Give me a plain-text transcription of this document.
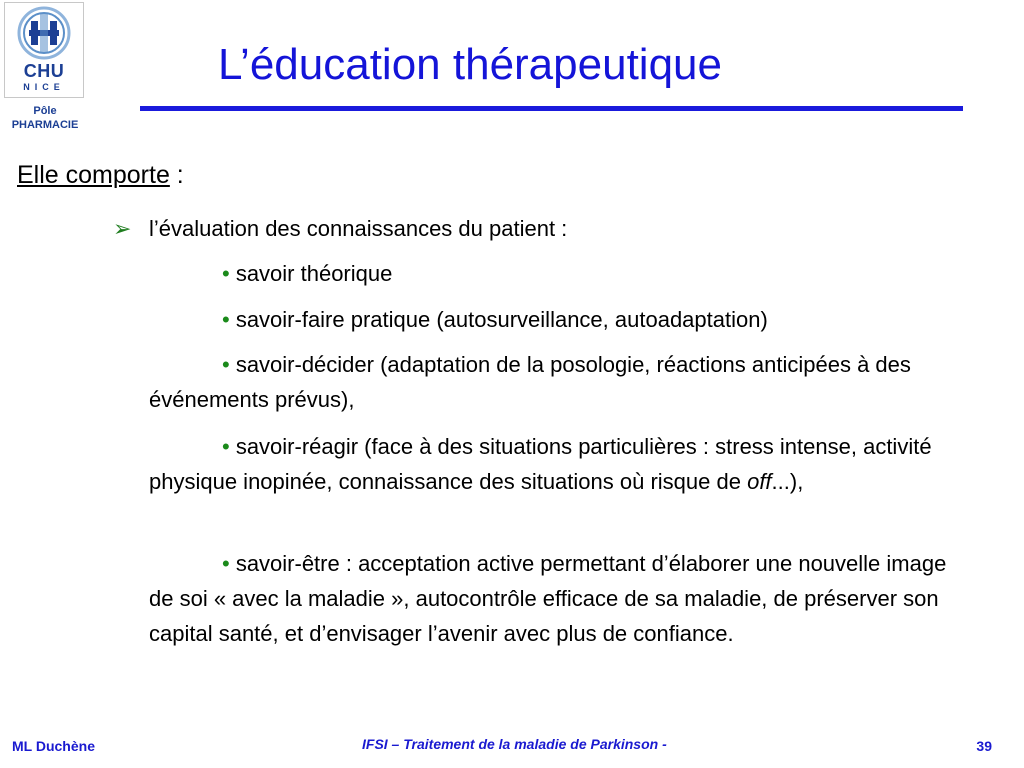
CHU
NICE
Pôle
PHARMACIE
L’éducation thérapeutique
Elle comporte :
➢ l’évaluation des connaissances du patient :
• savoir théorique
• savoir-faire pratique (autosurveillance, autoadaptation)
• savoir-décider (adaptation de la posologie, réactions anticipées à des événements prévus),
• savoir-réagir (face à des situations particulières : stress intense, activité physique inopinée, connaissance des situations où risque de off...),
• savoir-être : acceptation active permettant d’élaborer une nouvelle image de soi « avec la maladie », autocontrôle efficace de sa maladie, de préserver son capital santé, et d’envisager l’avenir avec plus de confiance.
ML Duchène	IFSI – Traitement de la maladie de Parkinson -	39
